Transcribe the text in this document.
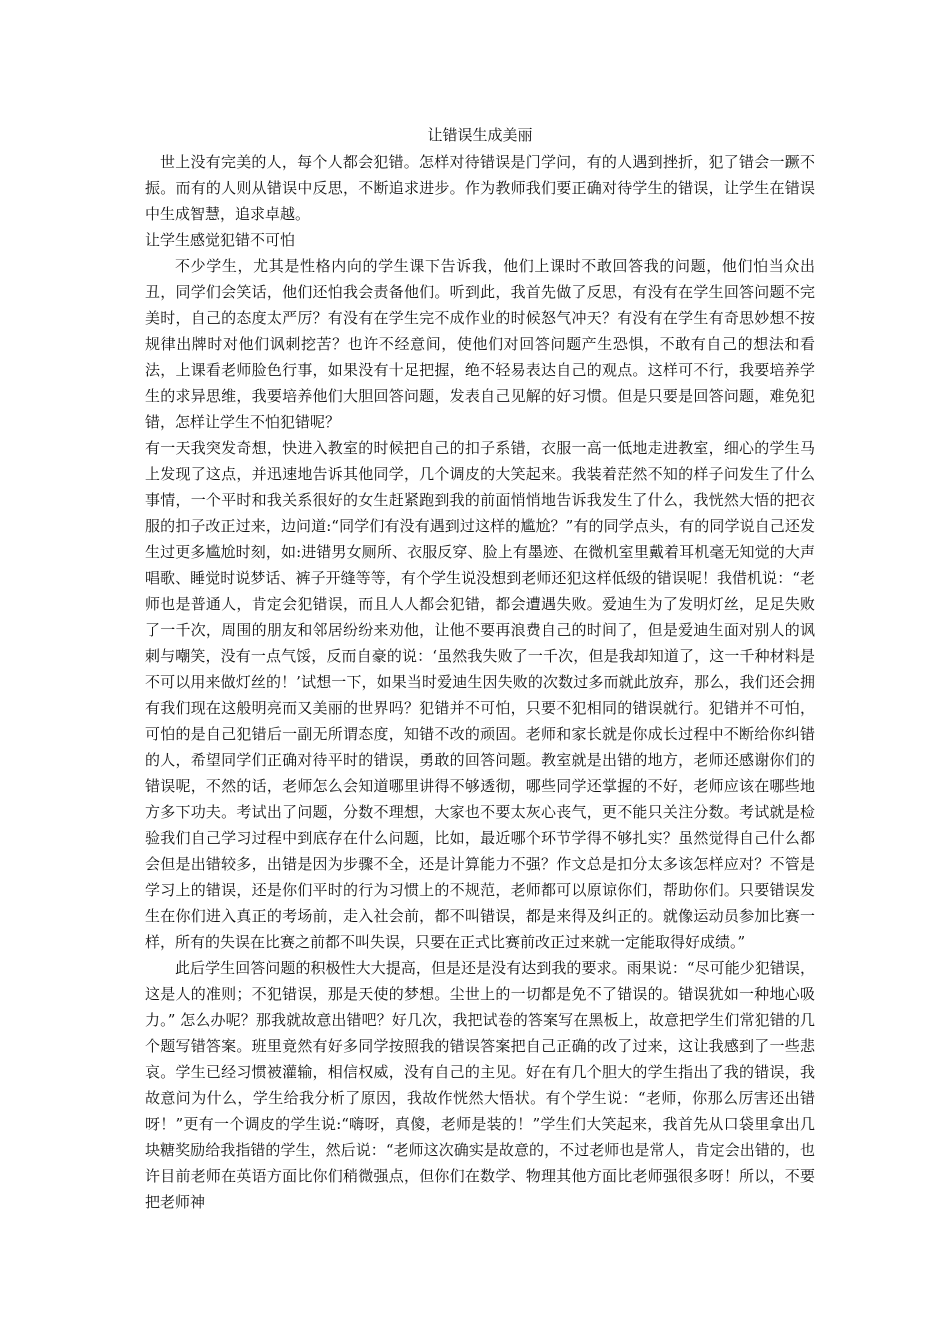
让错误生成美丽

世上没有完美的人，每个人都会犯错。怎样对待错误是门学问，有的人遇到挫折，犯了错会一蹶不振。而有的人则从错误中反思，不断追求进步。作为教师我们要正确对待学生的错误，让学生在错误中生成智慧，追求卓越。

让学生感觉犯错不可怕

不少学生，尤其是性格内向的学生课下告诉我，他们上课时不敢回答我的问题，他们怕当众出丑，同学们会笑话，他们还怕我会责备他们。听到此，我首先做了反思，有没有在学生回答问题不完美时，自己的态度太严厉？有没有在学生完不成作业的时候怒气冲天？有没有在学生有奇思妙想不按规律出牌时对他们讽刺挖苦？也许不经意间，使他们对回答问题产生恐惧，不敢有自己的想法和看法，上课看老师脸色行事，如果没有十足把握，绝不轻易表达自己的观点。这样可不行，我要培养学生的求异思维，我要培养他们大胆回答问题，发表自己见解的好习惯。但是只要是回答问题，难免犯错，怎样让学生不怕犯错呢？

有一天我突发奇想，快进入教室的时候把自己的扣子系错，衣服一高一低地走进教室，细心的学生马上发现了这点，并迅速地告诉其他同学，几个调皮的大笑起来。我装着茫然不知的样子问发生了什么事情，一个平时和我关系很好的女生赶紧跑到我的前面悄悄地告诉我发生了什么，我恍然大悟的把衣服的扣子改正过来，边问道:“同学们有没有遇到过这样的尴尬？”有的同学点头，有的同学说自己还发生过更多尴尬时刻，如:进错男女厕所、衣服反穿、脸上有墨迹、在微机室里戴着耳机毫无知觉的大声唱歌、睡觉时说梦话、裤子开缝等等，有个学生说没想到老师还犯这样低级的错误呢！我借机说：“老师也是普通人，肯定会犯错误，而且人人都会犯错，都会遭遇失败。爱迪生为了发明灯丝，足足失败了一千次，周围的朋友和邻居纷纷来劝他，让他不要再浪费自己的时间了，但是爱迪生面对别人的讽刺与嘲笑，没有一点气馁，反而自豪的说：‘虽然我失败了一千次，但是我却知道了，这一千种材料是不可以用来做灯丝的！’试想一下，如果当时爱迪生因失败的次数过多而就此放弃，那么，我们还会拥有我们现在这般明亮而又美丽的世界吗？犯错并不可怕，只要不犯相同的错误就行。犯错并不可怕，可怕的是自己犯错后一副无所谓态度，知错不改的顽固。老师和家长就是你成长过程中不断给你纠错的人，希望同学们正确对待平时的错误，勇敢的回答问题。教室就是出错的地方，老师还感谢你们的错误呢，不然的话，老师怎么会知道哪里讲得不够透彻，哪些同学还掌握的不好，老师应该在哪些地方多下功夫。考试出了问题，分数不理想，大家也不要太灰心丧气，更不能只关注分数。考试就是检验我们自己学习过程中到底存在什么问题，比如，最近哪个环节学得不够扎实？虽然觉得自己什么都会但是出错较多，出错是因为步骤不全，还是计算能力不强？作文总是扣分太多该怎样应对？不管是学习上的错误，还是你们平时的行为习惯上的不规范，老师都可以原谅你们，帮助你们。只要错误发生在你们进入真正的考场前，走入社会前，都不叫错误，都是来得及纠正的。就像运动员参加比赛一样，所有的失误在比赛之前都不叫失误，只要在正式比赛前改正过来就一定能取得好成绩。”

此后学生回答问题的积极性大大提高，但是还是没有达到我的要求。雨果说：“尽可能少犯错误，这是人的准则；不犯错误，那是天使的梦想。尘世上的一切都是免不了错误的。错误犹如一种地心吸力。” 怎么办呢？那我就故意出错吧？好几次，我把试卷的答案写在黑板上，故意把学生们常犯错的几个题写错答案。班里竟然有好多同学按照我的错误答案把自己正确的改了过来，这让我感到了一些悲哀。学生已经习惯被灌输，相信权威，没有自己的主见。好在有几个胆大的学生指出了我的错误，我故意问为什么，学生给我分析了原因，我故作恍然大悟状。有个学生说：“老师，你那么厉害还出错呀！”更有一个调皮的学生说:“嗨呀，真傻，老师是装的！”学生们大笑起来，我首先从口袋里拿出几块糖奖励给我指错的学生，然后说：“老师这次确实是故意的，不过老师也是常人，肯定会出错的，也许目前老师在英语方面比你们稍微强点，但你们在数学、物理其他方面比老师强很多呀！所以，不要把老师神
